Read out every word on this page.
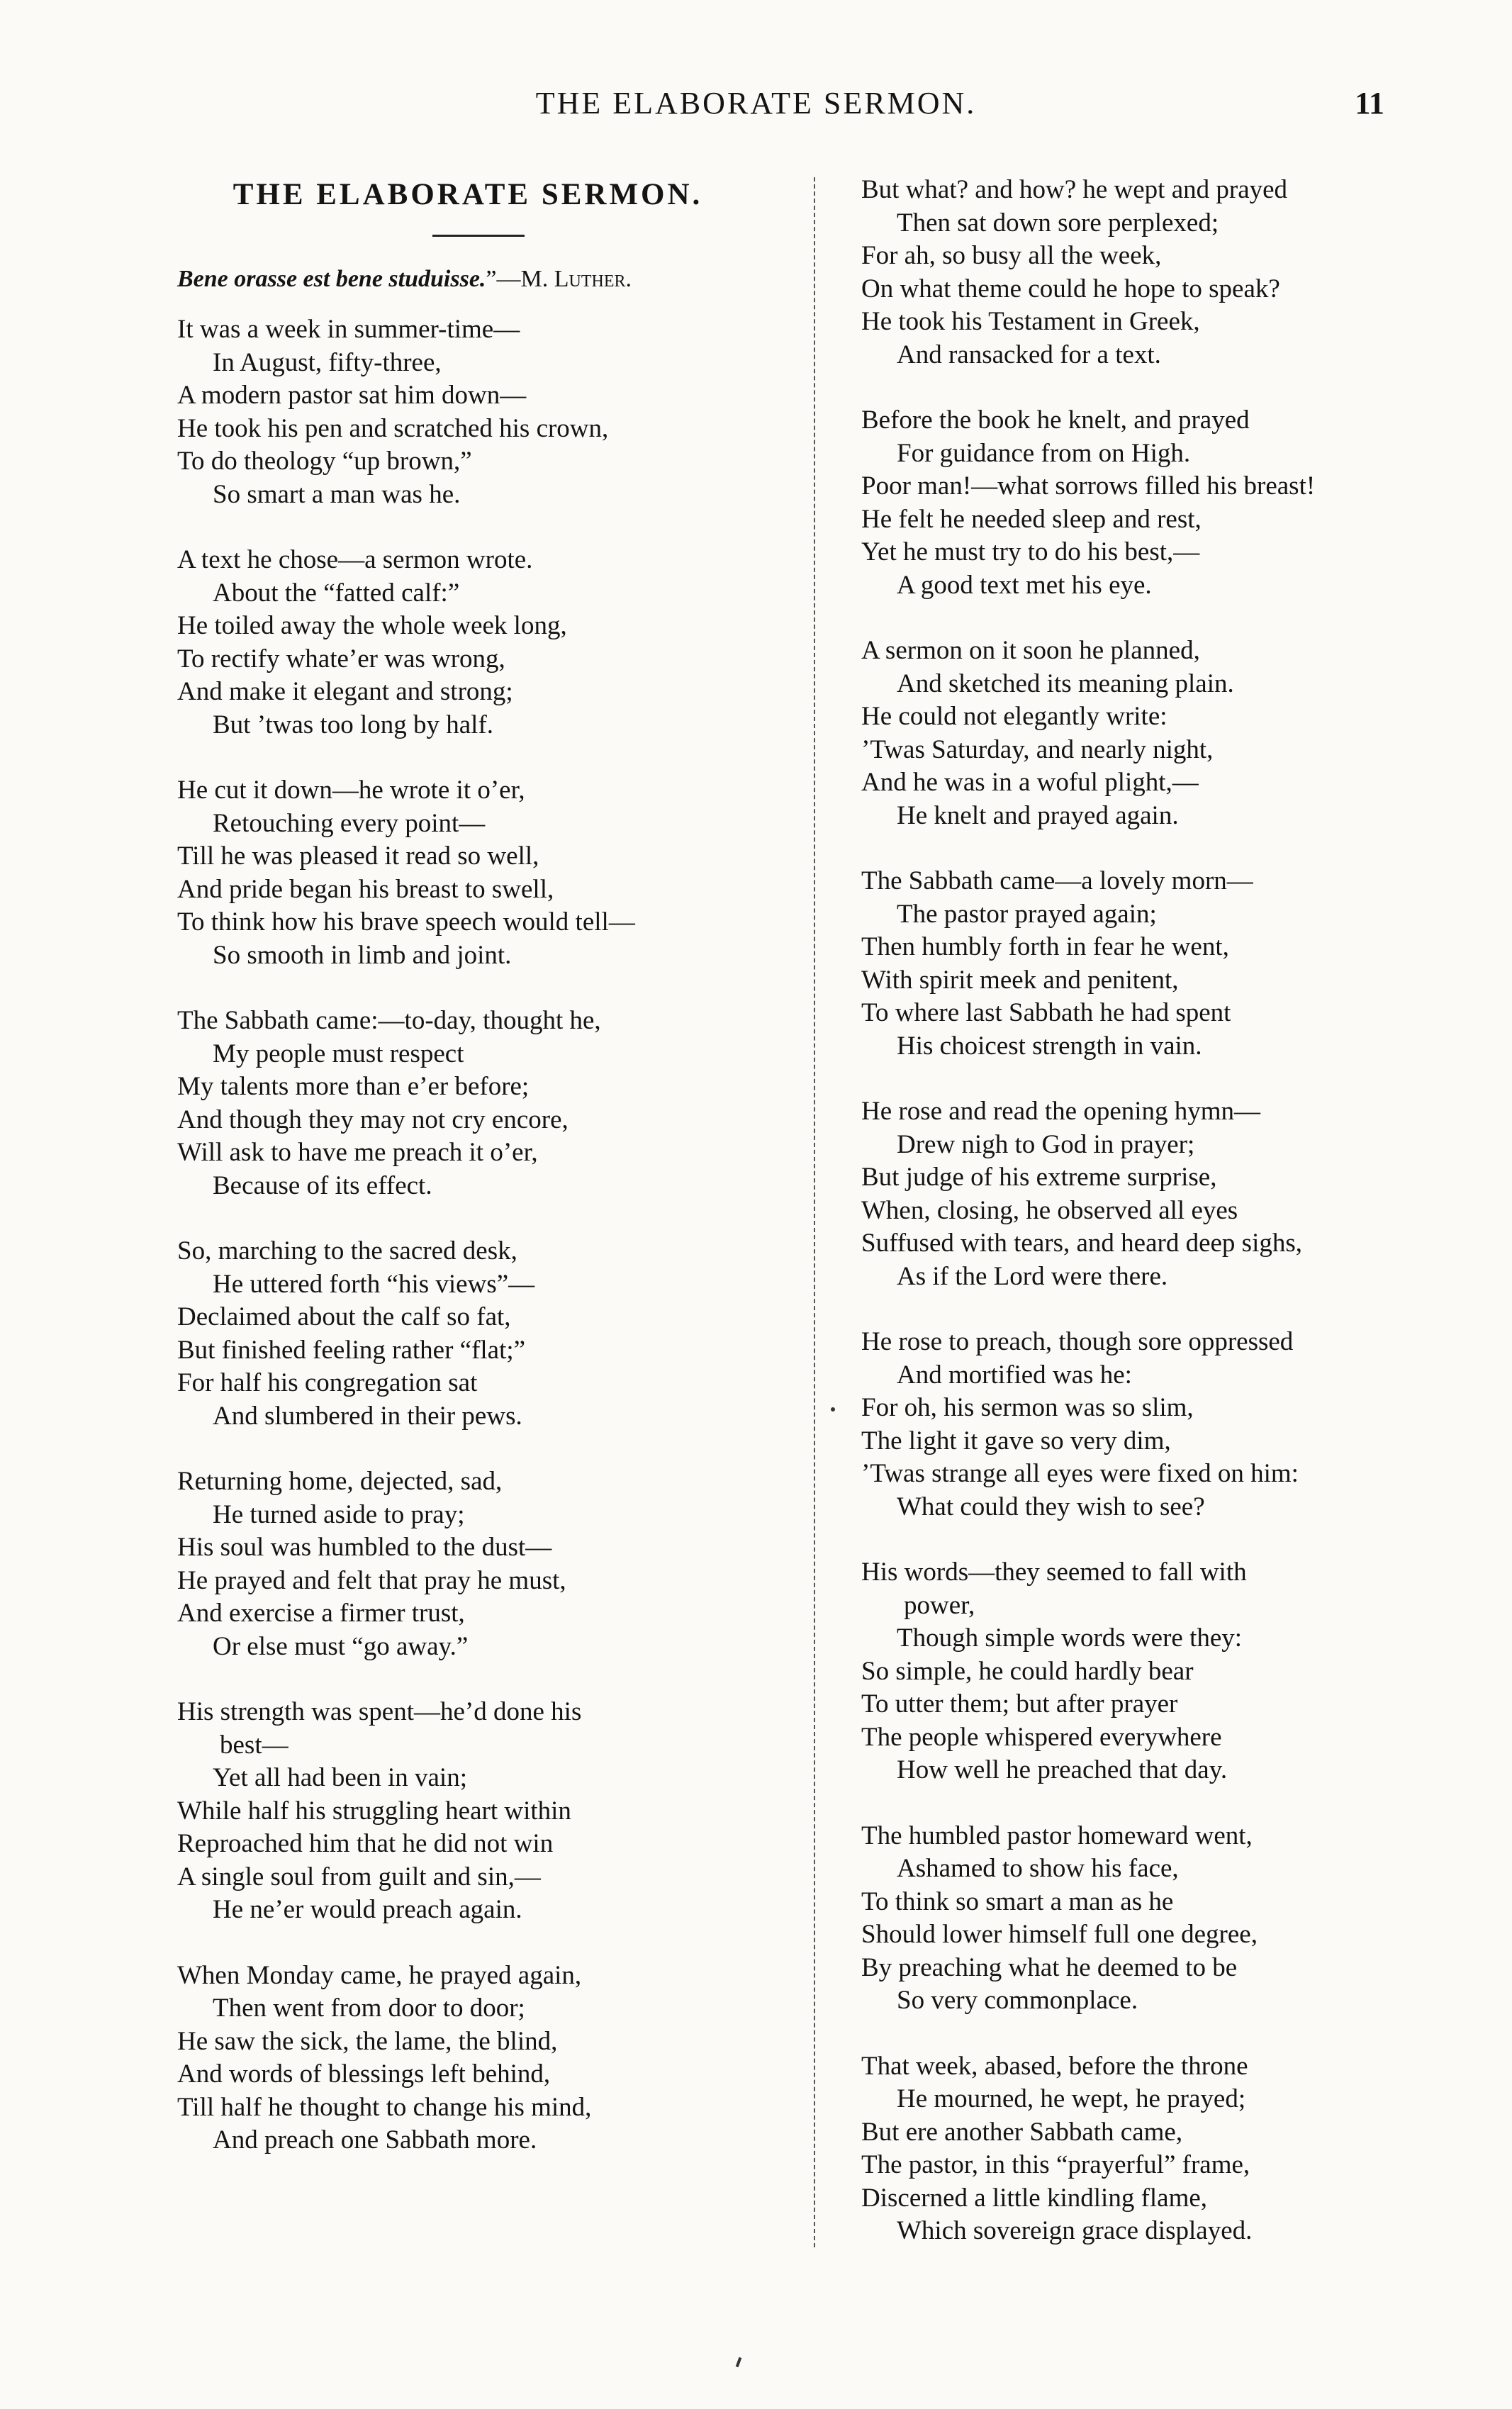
THE ELABORATE SERMON.	11
THE ELABORATE SERMON.
Bene orasse est bene studuisse.”—M. Luther.
It was a week in summer-time—
In August, fifty-three,
A modern pastor sat him down—
He took his pen and scratched his crown,
To do theology “up brown,”
So smart a man was he.
A text he chose—a sermon wrote.
About the “fatted calf:”
He toiled away the whole week long,
To rectify whate’er was wrong,
And make it elegant and strong;
But ’twas too long by half.
He cut it down—he wrote it o’er,
Retouching every point—
Till he was pleased it read so well,
And pride began his breast to swell,
To think how his brave speech would tell—
So smooth in limb and joint.
The Sabbath came:—to-day, thought he,
My people must respect
My talents more than e’er before;
And though they may not cry encore,
Will ask to have me preach it o’er,
Because of its effect.
So, marching to the sacred desk,
He uttered forth “his views”—
Declaimed about the calf so fat,
But finished feeling rather “flat;”
For half his congregation sat
And slumbered in their pews.
Returning home, dejected, sad,
He turned aside to pray;
His soul was humbled to the dust—
He prayed and felt that pray he must,
And exercise a firmer trust,
Or else must “go away.”
His strength was spent—he’d done his
best—
Yet all had been in vain;
While half his struggling heart within
Reproached him that he did not win
A single soul from guilt and sin,—
He ne’er would preach again.
When Monday came, he prayed again,
Then went from door to door;
He saw the sick, the lame, the blind,
And words of blessings left behind,
Till half he thought to change his mind,
And preach one Sabbath more.
But what? and how? he wept and prayed
Then sat down sore perplexed;
For ah, so busy all the week,
On what theme could he hope to speak?
He took his Testament in Greek,
And ransacked for a text.
Before the book he knelt, and prayed
For guidance from on High.
Poor man!—what sorrows filled his breast!
He felt he needed sleep and rest,
Yet he must try to do his best,—
A good text met his eye.
A sermon on it soon he planned,
And sketched its meaning plain.
He could not elegantly write:
’Twas Saturday, and nearly night,
And he was in a woful plight,—
He knelt and prayed again.
The Sabbath came—a lovely morn—
The pastor prayed again;
Then humbly forth in fear he went,
With spirit meek and penitent,
To where last Sabbath he had spent
His choicest strength in vain.
He rose and read the opening hymn—
Drew nigh to God in prayer;
But judge of his extreme surprise,
When, closing, he observed all eyes
Suffused with tears, and heard deep sighs,
As if the Lord were there.
He rose to preach, though sore oppressed
And mortified was he:
For oh, his sermon was so slim,
The light it gave so very dim,
’Twas strange all eyes were fixed on him:
What could they wish to see?
His words—they seemed to fall with
power,
Though simple words were they:
So simple, he could hardly bear
To utter them; but after prayer
The people whispered everywhere
How well he preached that day.
The humbled pastor homeward went,
Ashamed to show his face,
To think so smart a man as he
Should lower himself full one degree,
By preaching what he deemed to be
So very commonplace.
That week, abased, before the throne
He mourned, he wept, he prayed;
But ere another Sabbath came,
The pastor, in this “prayerful” frame,
Discerned a little kindling flame,
Which sovereign grace displayed.
